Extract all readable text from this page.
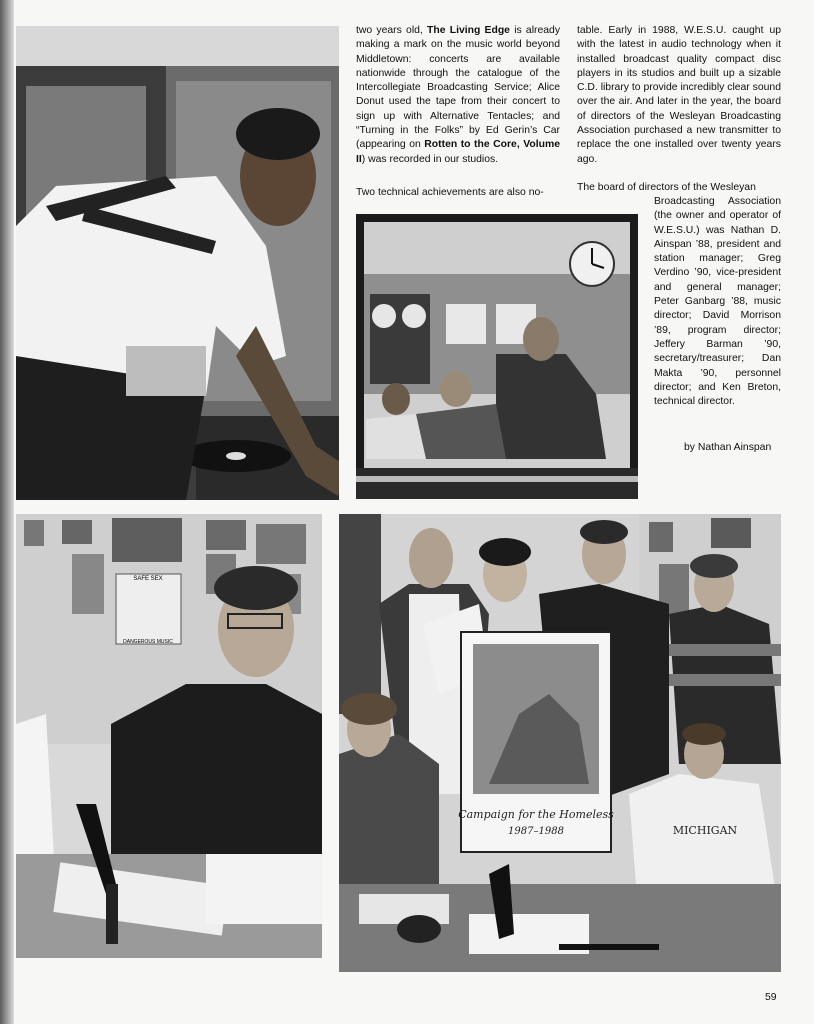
two years old, The Living Edge is already making a mark on the music world beyond Middletown: concerts are available nationwide through the catalogue of the Intercollegiate Broadcasting Service; Alice Donut used the tape from their concert to sign up with Alternative Tentacles; and “Turning in the Folks” by Ed Gerin’s Car (appearing on Rotten to the Core, Volume II) was recorded in our studios.

Two technical achievements are also no-

table. Early in 1988, W.E.S.U. caught up with the latest in audio technology when it installed broadcast quality compact disc players in its studios and built up a sizable C.D. library to provide incredibly clear sound over the air. And later in the year, the board of directors of the Wesleyan Broadcasting Association purchased a new transmitter to replace the one installed over twenty years ago.

The board of directors of the Wesleyan

Broadcasting Association (the owner and operator of W.E.S.U.) was Nathan D. Ainspan ’88, president and station manager; Greg Verdino ’90, vice-president and general manager; Peter Ganbarg ’88, music director; David Morrison ’89, program director; Jeffery Barman ’90, secretary/treasurer; Dan Makta ’90, personnel director; and Ken Breton, technical director.

by Nathan Ainspan
SAFE SEX
DANGEROUS MUSIC
Campaign for the Homeless
1987–1988	MICHIGAN
59
